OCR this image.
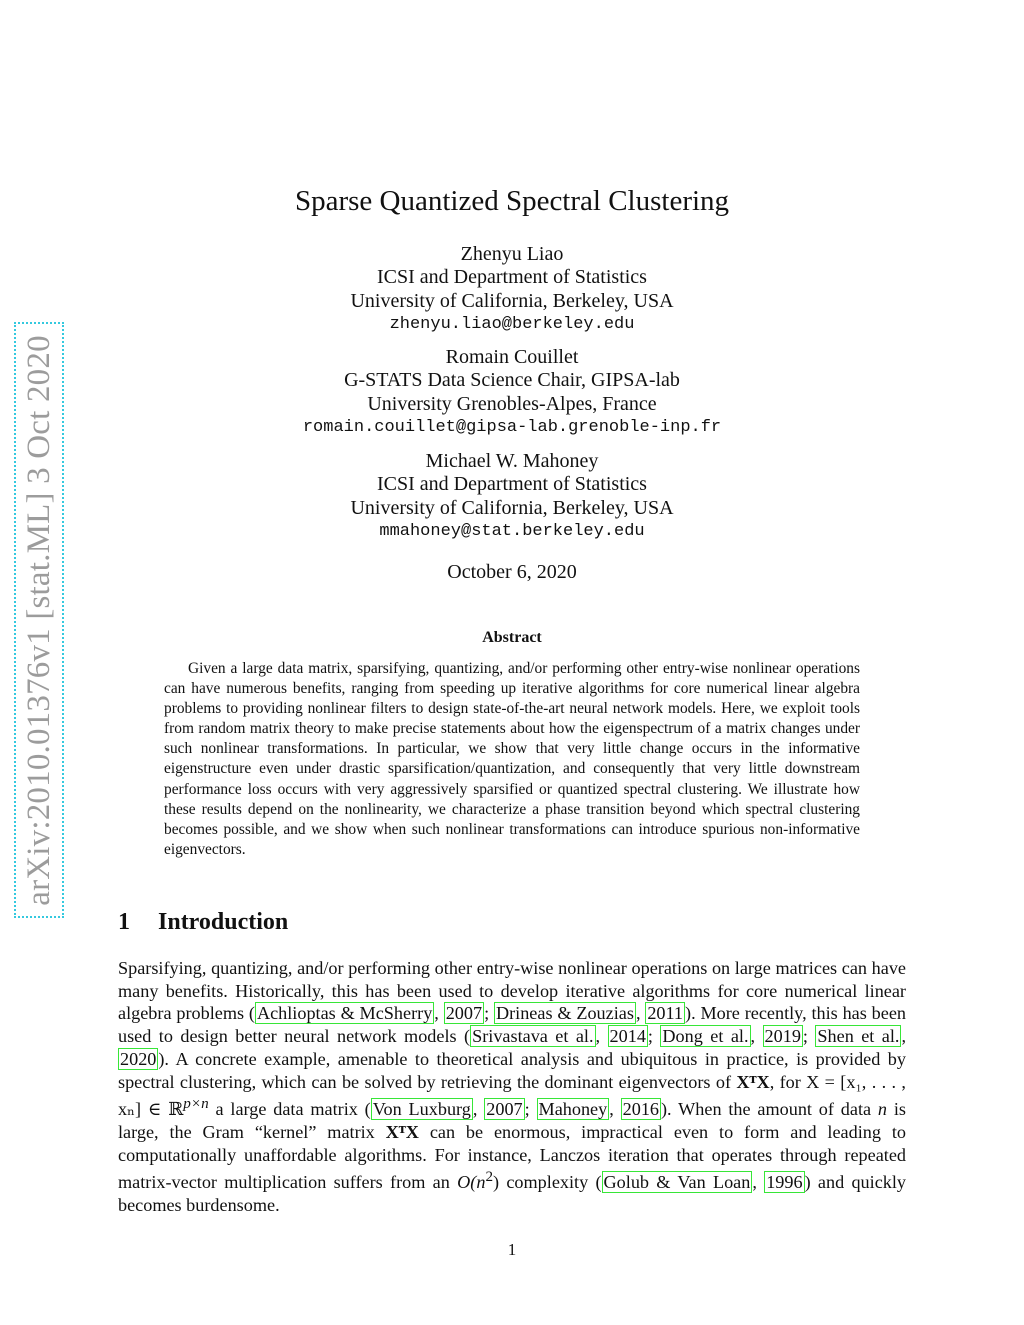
arXiv:2010.01376v1 [stat.ML] 3 Oct 2020
Sparse Quantized Spectral Clustering
Zhenyu Liao
ICSI and Department of Statistics
University of California, Berkeley, USA
zhenyu.liao@berkeley.edu
Romain Couillet
G-STATS Data Science Chair, GIPSA-lab
University Grenobles-Alpes, France
romain.couillet@gipsa-lab.grenoble-inp.fr
Michael W. Mahoney
ICSI and Department of Statistics
University of California, Berkeley, USA
mmahoney@stat.berkeley.edu
October 6, 2020
Abstract

Given a large data matrix, sparsifying, quantizing, and/or performing other entry-wise nonlinear operations can have numerous benefits, ranging from speeding up iterative algorithms for core numerical linear algebra problems to providing nonlinear filters to design state-of-the-art neural network models. Here, we exploit tools from random matrix theory to make precise statements about how the eigenspectrum of a matrix changes under such nonlinear transformations. In particular, we show that very little change occurs in the informative eigenstructure even under drastic sparsification/quantization, and consequently that very little downstream performance loss occurs with very aggressively sparsified or quantized spectral clustering. We illustrate how these results depend on the nonlinearity, we characterize a phase transition beyond which spectral clustering becomes possible, and we show when such nonlinear transformations can introduce spurious non-informative eigenvectors.

1 Introduction

Sparsifying, quantizing, and/or performing other entry-wise nonlinear operations on large matrices can have many benefits. Historically, this has been used to develop iterative algorithms for core numerical linear algebra problems ( Achlioptas & McSherry , 2007 ; Drineas & Zouzias , 2011 ). More recently, this has been used to design better neural network models ( Srivastava et al. , 2014 ; Dong et al. , 2019 ; Shen et al. , 2020 ). A concrete example, amenable to theoretical analysis and ubiquitous in practice, is provided by spectral clustering, which can be solved by retrieving the dominant eigenvectors of XᵀX, for X = [x₁, . . . , xₙ] ∈ ℝ$^{p\times n}$ a large data matrix ( Von Luxburg , 2007 ; Mahoney , 2016 ). When the amount of data n is large, the Gram “kernel” matrix XᵀX can be enormous, impractical even to form and leading to computationally unaffordable algorithms. For instance, Lanczos iteration that operates through repeated matrix-vector multiplication suffers from an $O(n^2)$ complexity ( Golub & Van Loan , 1996 ) and quickly becomes burdensome.

1
